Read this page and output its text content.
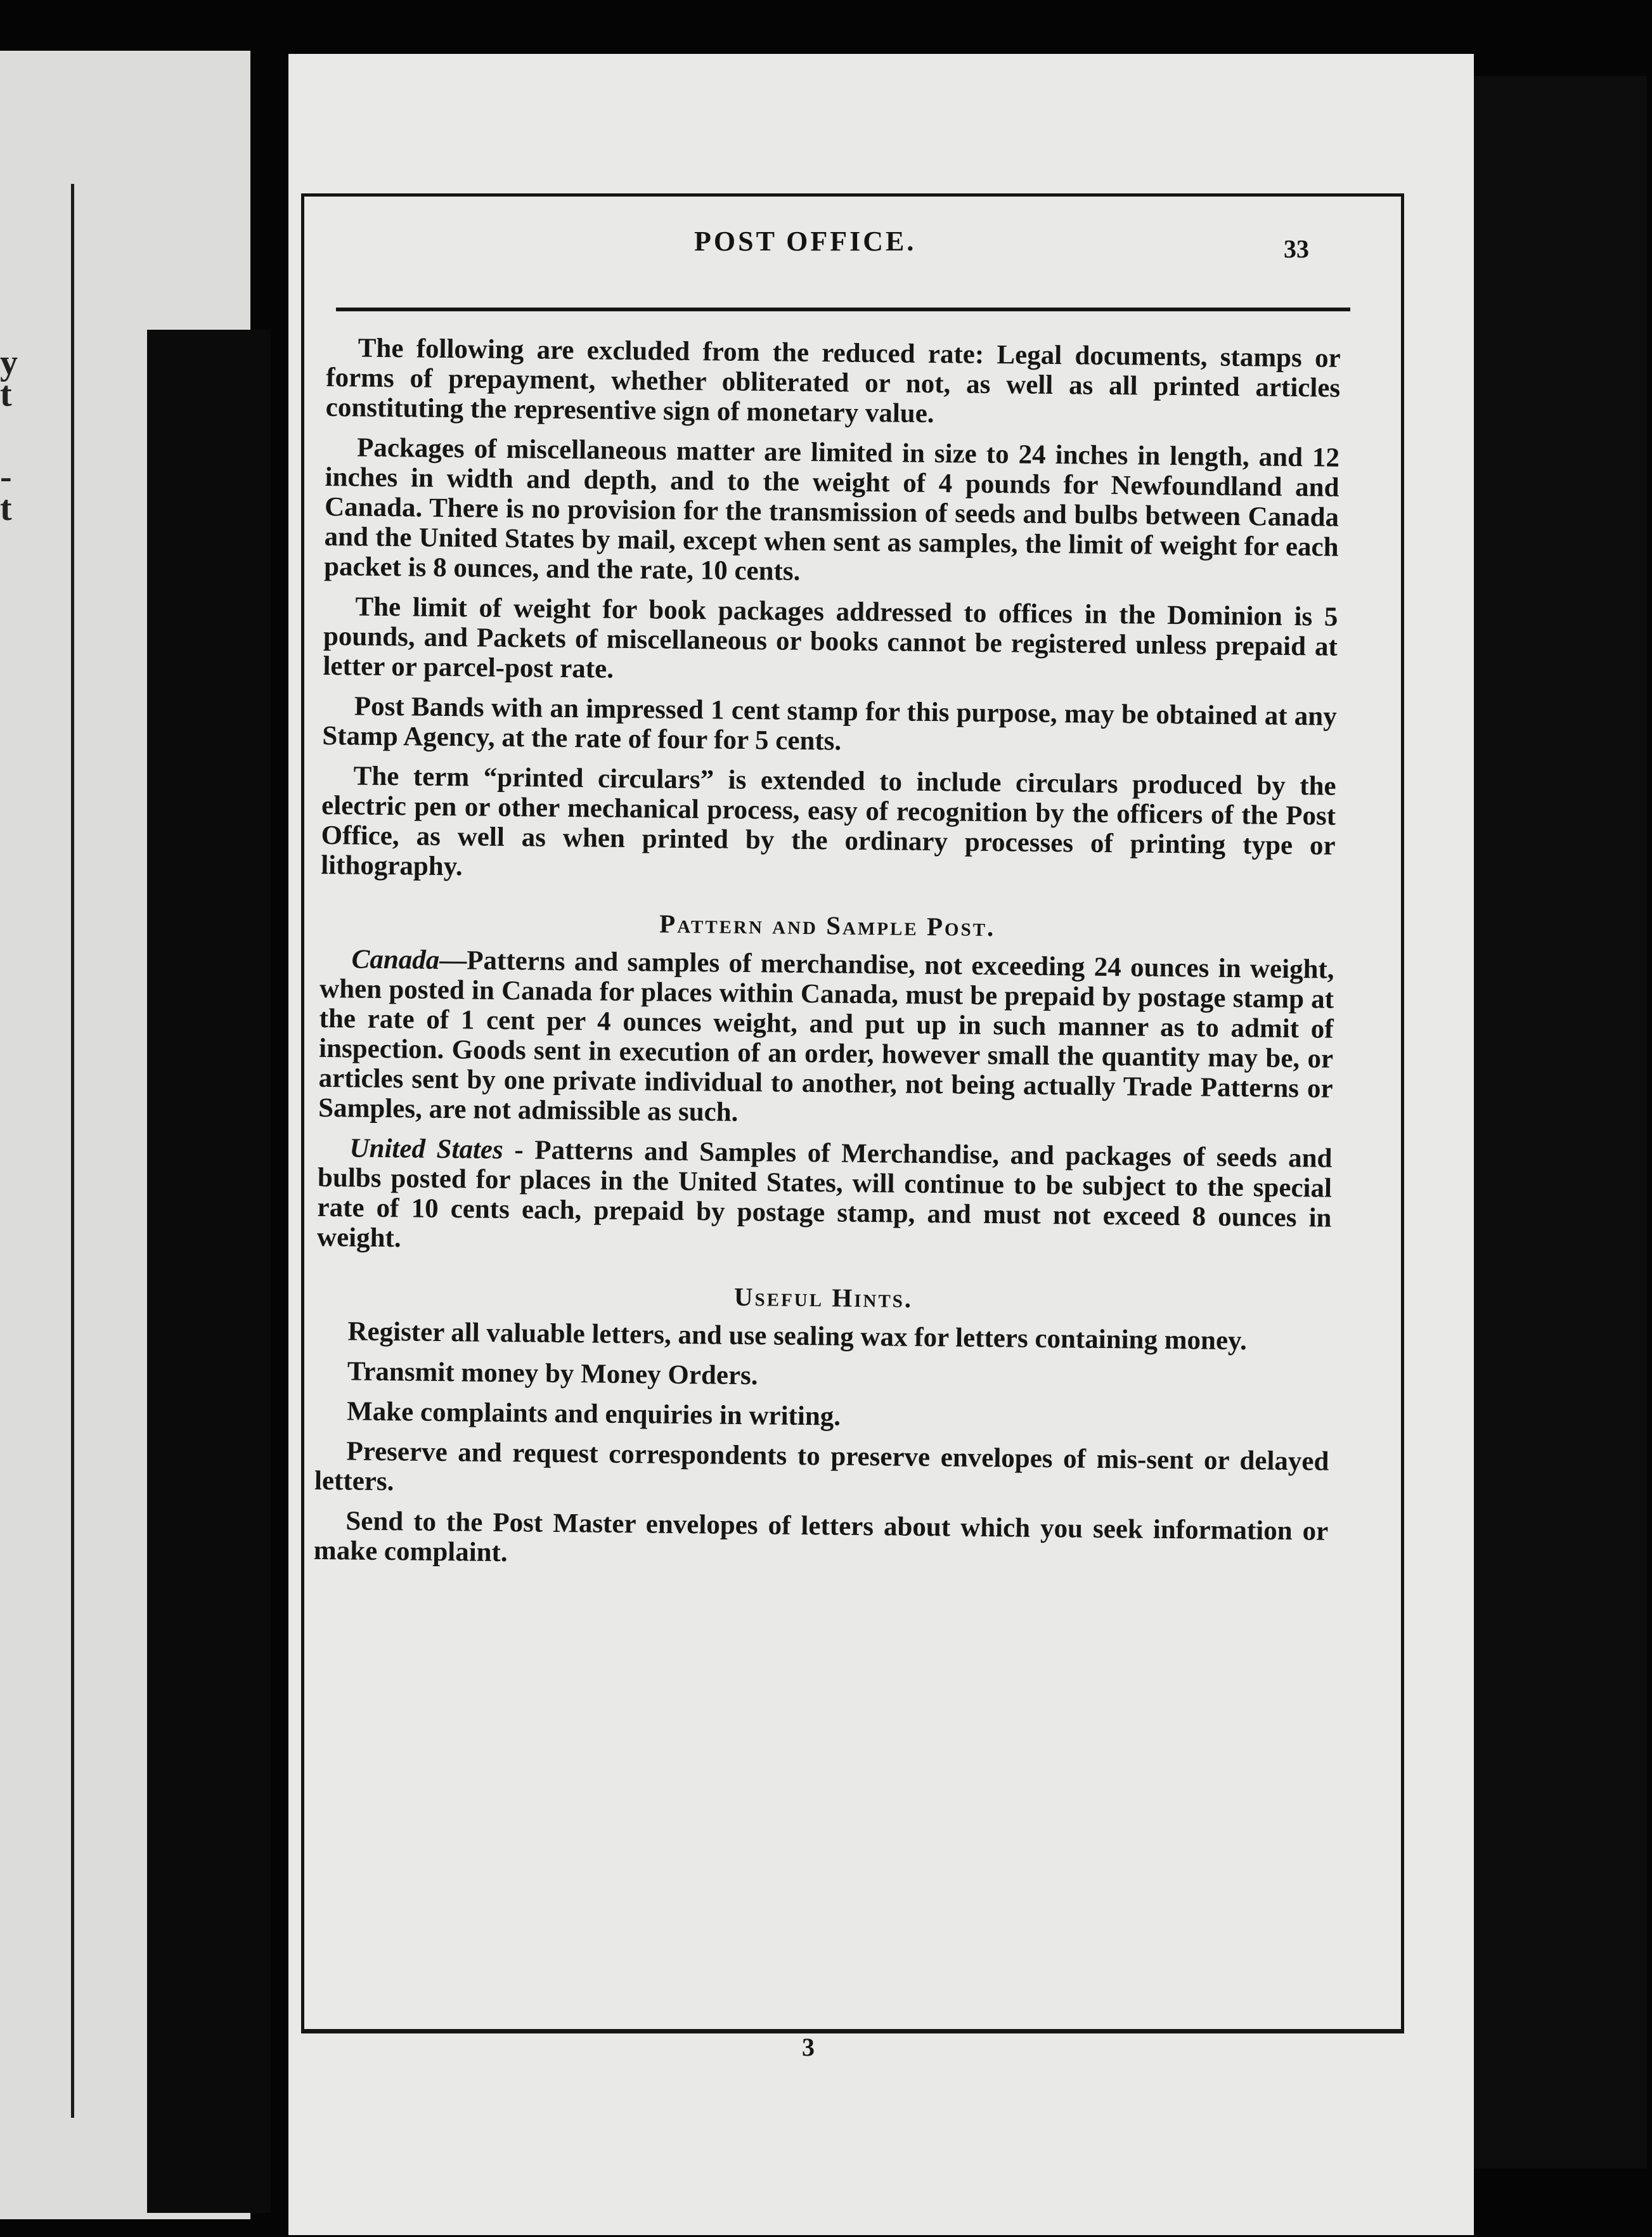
y
t
-
t
POST OFFICE.	33

The following are excluded from the reduced rate: Legal documents, stamps or forms of prepayment, whether obliterated or not, as well as all printed articles constituting the representive sign of monetary value.

Packages of miscellaneous matter are limited in size to 24 inches in length, and 12 inches in width and depth, and to the weight of 4 pounds for Newfoundland and Canada. There is no provision for the transmission of seeds and bulbs between Canada and the United States by mail, except when sent as samples, the limit of weight for each packet is 8 ounces, and the rate, 10 cents.

The limit of weight for book packages addressed to offices in the Dominion is 5 pounds, and Packets of miscellaneous or books cannot be registered unless prepaid at letter or parcel-post rate.

Post Bands with an impressed 1 cent stamp for this purpose, may be obtained at any Stamp Agency, at the rate of four for 5 cents.

The term “printed circulars” is extended to include circulars produced by the electric pen or other mechanical process, easy of recognition by the officers of the Post Office, as well as when printed by the ordinary processes of printing type or lithography.

Pattern and Sample Post.

Canada—Patterns and samples of merchandise, not exceeding 24 ounces in weight, when posted in Canada for places within Canada, must be prepaid by postage stamp at the rate of 1 cent per 4 ounces weight, and put up in such manner as to admit of inspection. Goods sent in execution of an order, however small the quantity may be, or articles sent by one private individual to another, not being actually Trade Patterns or Samples, are not admissible as such.

United States - Patterns and Samples of Merchandise, and packages of seeds and bulbs posted for places in the United States, will continue to be subject to the special rate of 10 cents each, prepaid by postage stamp, and must not exceed 8 ounces in weight.

Useful Hints.

Register all valuable letters, and use sealing wax for letters containing money.

Transmit money by Money Orders.

Make complaints and enquiries in writing.

Preserve and request correspondents to preserve envelopes of mis-sent or delayed letters.

Send to the Post Master envelopes of letters about which you seek information or make complaint.

3
